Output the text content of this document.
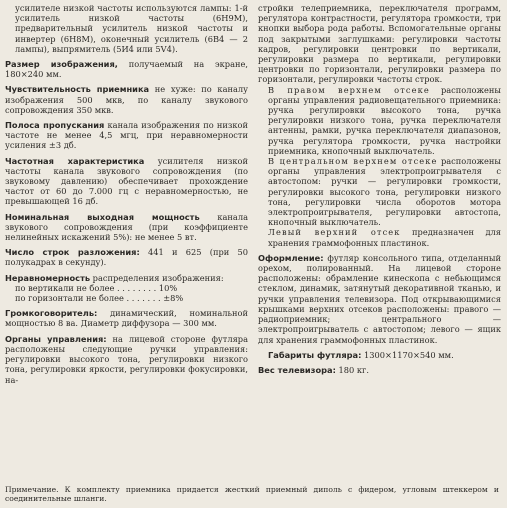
усилителе низкой частоты используются лампы: 1-й усилитель низкой частоты (6Н9М), предварительный усилитель низкой частоты и инвертер (6Н8М), оконечный усилитель (6В4 — 2 лампы), выпрямитель (5И4 или 5V4).

Размер изображения, получаемый на экране, 180×240 мм.

Чувствительность приемника не хуже: по каналу изображения 500 мкв, по каналу звукового сопровождения 350 мкв.

Полоса пропускания канала изображения по низкой частоте не менее 4,5 мгц, при неравномерности усиления ±3 дб.

Частотная характеристика усилителя низкой частоты канала звукового сопровождения (по звуковому давлению) обеспечивает прохождение частот от 60 до 7.000 гц с неравномерностью, не превышающей 16 дб.

Номинальная выходная мощность канала звукового сопровождения (при коэффициенте нелинейных искажений 5%): не менее 5 вт.

Число строк разложения: 441 и 625 (при 50 полукадрах в секунду).

Неравномерность распределения изображения:

по вертикали не более . . . . . . . . 10%

по горизонтали не более . . . . . . . ±8%

Громкоговоритель: динамический, номинальной мощностью 8 вa. Диаметр диффузора — 300 мм.

Органы управления: на лицевой стороне футляра расположены следующие ручки управления: регулировки высокого тона, регулировки низкого тона, регулировки яркости, регулировки фокусировки, на-

стройки телеприемника, переключателя программ, регулятора контрастности, регулятора громкости, три кнопки выбора рода работы. Вспомогательные органы под закрытыми заглушками: регулировки частоты кадров, регулировки центровки по вертикали, регулировки размера по вертикали, регулировки центровки по горизонтали, регулировки размера по горизонтали, регулировки частоты строк.

В правом верхнем отсеке расположены органы управления радиовещательного приемника: ручка регулировки высокого тона, ручка регулировки низкого тона, ручка переключателя антенны, рамки, ручка переключателя диапазонов, ручка регулятора громкости, ручка настройки приемника, кнопочный выключатель.

В центральном верхнем отсеке расположены органы управления электропроигрывателя с автостопом: ручки — регулировки громкости, регулировки высокого тона, регулировки низкого тона, регулировки числа оборотов мотора электропроигрывателя, регулировки автостопа, кнопочный выключатель.

Левый верхний отсек предназначен для хранения граммофонных пластинок.

Оформление: футляр консольного типа, отделанный орехом, полированный. На лицевой стороне расположены: обрамление кинескопа с небьющимся стеклом, динамик, затянутый декоративной тканью, и ручки управления телевизора. Под открывающимися крышками верхних отсеков расположены: правого — радиоприемник; центрального — электропроигрыватель с автостопом; левого — ящик для хранения граммофонных пластинок.

Габариты футляра: 1300×1170×540 мм.

Вес телевизора: 180 кг.

Примечание. К комплекту приемника придается жесткий приемный диполь с фидером, угловым штеккером и соединительные шланги.
